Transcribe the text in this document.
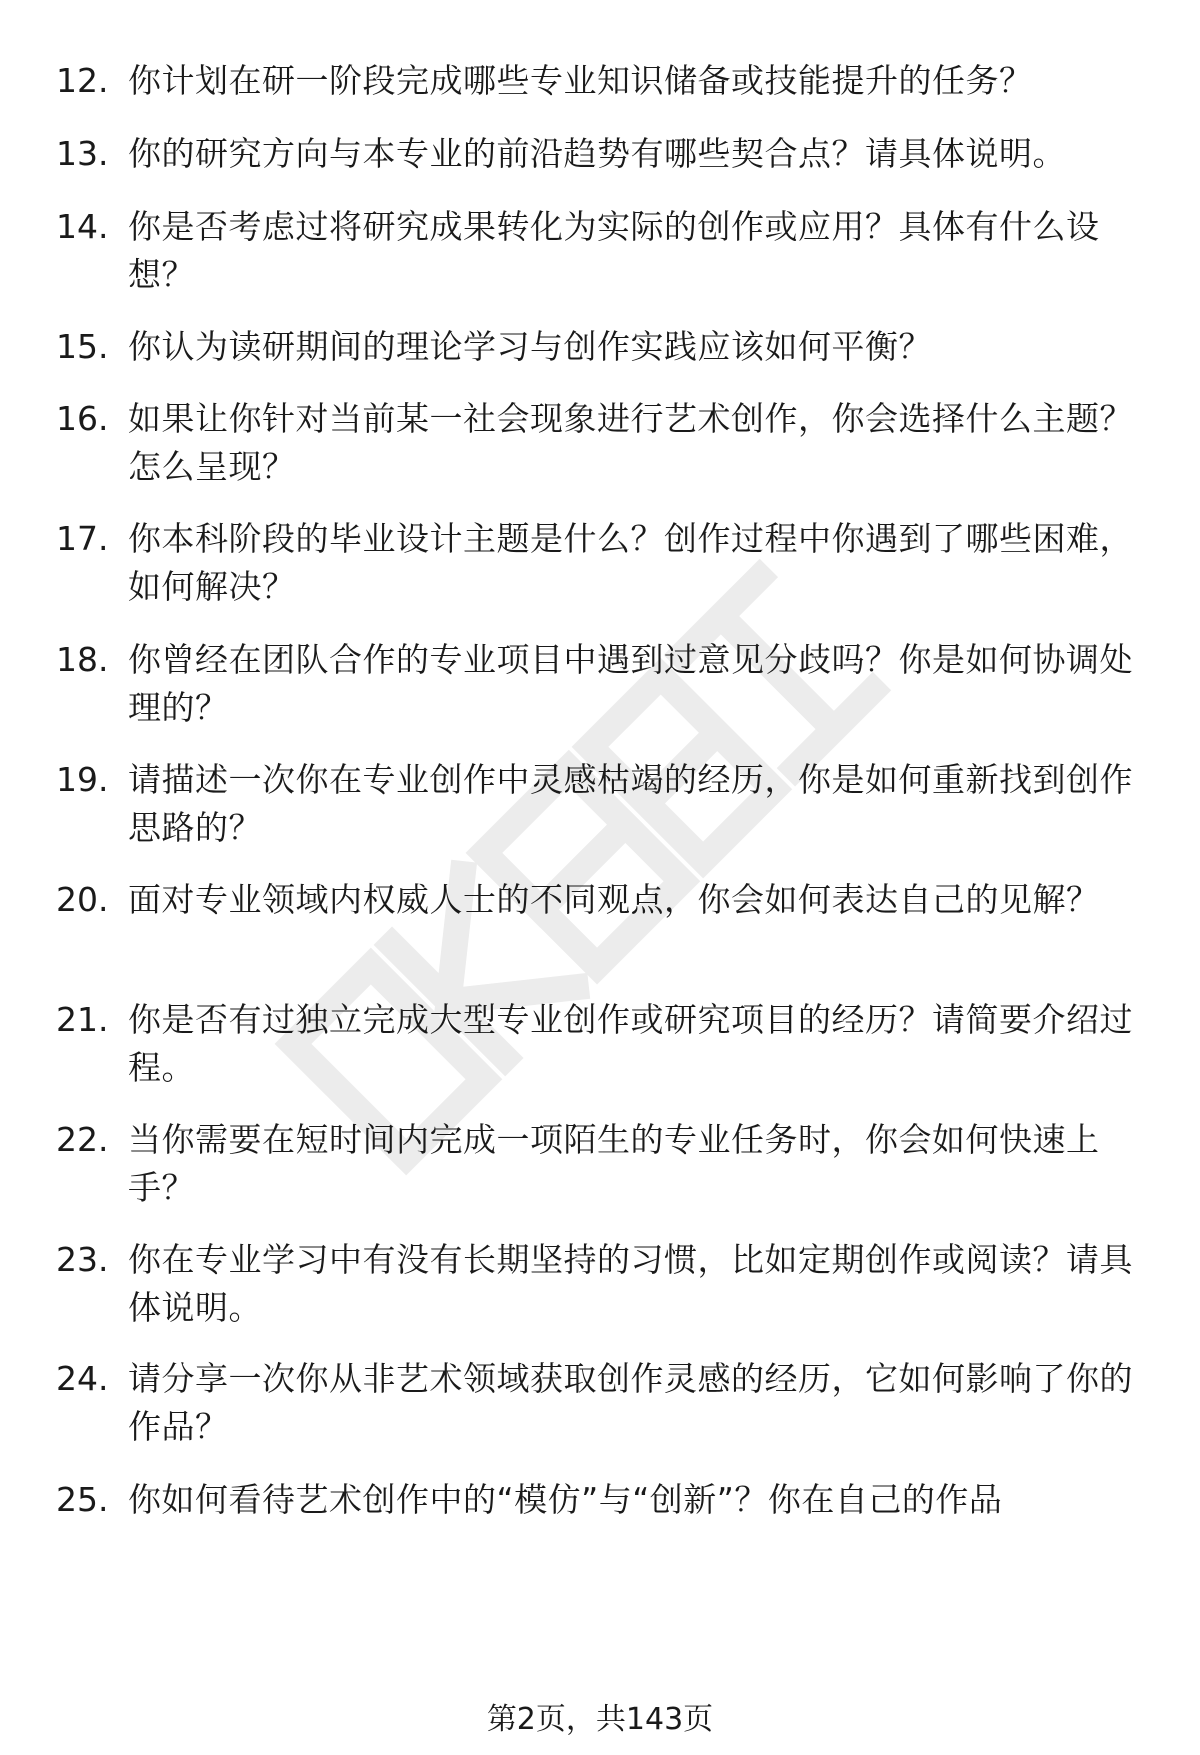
12. 你计划在研一阶段完成哪些专业知识储备或技能提升的任务？
13. 你的研究方向与本专业的前沿趋势有哪些契合点？请具体说明。
14. 你是否考虑过将研究成果转化为实际的创作或应用？具体有什么设想？
15. 你认为读研期间的理论学习与创作实践应该如何平衡？
16. 如果让你针对当前某一社会现象进行艺术创作，你会选择什么主题？怎么呈现？
17. 你本科阶段的毕业设计主题是什么？创作过程中你遇到了哪些困难，如何解决？
18. 你曾经在团队合作的专业项目中遇到过意见分歧吗？你是如何协调处理的？
19. 请描述一次你在专业创作中灵感枯竭的经历，你是如何重新找到创作思路的？
20. 面对专业领域内权威人士的不同观点，你会如何表达自己的见解？
21. 你是否有过独立完成大型专业创作或研究项目的经历？请简要介绍过程。
22. 当你需要在短时间内完成一项陌生的专业任务时，你会如何快速上手？
23. 你在专业学习中有没有长期坚持的习惯，比如定期创作或阅读？请具体说明。
24. 请分享一次你从非艺术领域获取创作灵感的经历，它如何影响了你的作品？
25. 你如何看待艺术创作中的“模仿”与“创新”？你在自己的作品
第2页，共143页
